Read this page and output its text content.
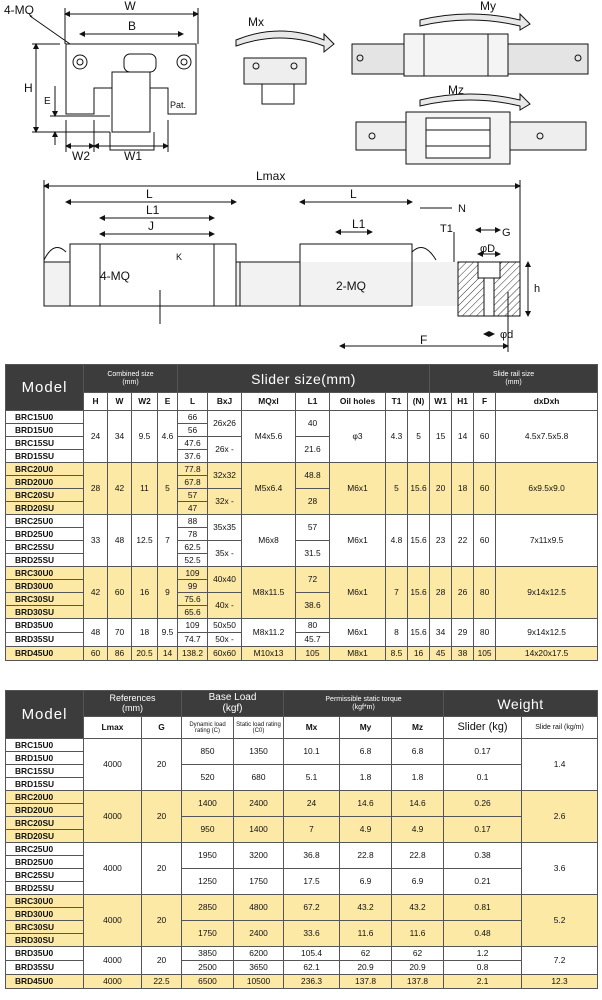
W
B
4-MQ
H
E
W2	W1
Pat.
Mx
My
Mz
Lmax
L
L1
J
4-MQ
K
L
L1
2-MQ
N
T1	G
φD
h
F	φd
Model	Combined size
(mm)				Slider size(mm)							Slide rail size
(mm)			
	H	W	W2	E	L	BxJ	MQxl	L1	Oil holes	T1	(N)	W1	H1	F	dxDxh
BRC15U0	24	34	9.5	4.6	66	26x26	M4x5.6	40	φ3	4.3	5	15	14	60	4.5x7.5x5.8
BRD15U0					56										
BRC15SU					47.6	26x -		21.6							
BRD15SU					37.6										
BRC20U0	28	42	11	5	77.8	32x32	M5x6.4	48.8	M6x1	5	15.6	20	18	60	6x9.5x9.0
BRD20U0					67.8										
BRC20SU					57	32x -		28							
BRD20SU					47										
BRC25U0	33	48	12.5	7	88	35x35	M6x8	57	M6x1	4.8	15.6	23	22	60	7x11x9.5
BRD25U0					78										
BRC25SU					62.5	35x -		31.5							
BRD25SU					52.5										
BRC30U0	42	60	16	9	109	40x40	M8x11.5	72	M6x1	7	15.6	28	26	80	9x14x12.5
BRD30U0					99										
BRC30SU					75.6	40x -		38.6							
BRD30SU					65.6										
BRD35U0	48	70	18	9.5	109	50x50	M8x11.2	80	M6x1	8	15.6	34	29	80	9x14x12.5
BRD35SU					74.7	50x -		45.7							
BRD45U0	60	86	20.5	14	138.2	60x60	M10x13	105	M8x1	8.5	16	45	38	105	14x20x17.5
Model	References
(mm)		Base Load
(kgf)		Permissible static torque
(kgf*m)			Weight	
	Lmax	G	Dynamic load rating (C)	Static load rating (C0)	Mx	My	Mz	Slider (kg)	Slide rail (kg/m)
BRC15U0	4000	20	850	1350	10.1	6.8	6.8	0.17	1.4
BRD15U0									
BRC15SU			520	680	5.1	1.8	1.8	0.1	
BRD15SU									
BRC20U0	4000	20	1400	2400	24	14.6	14.6	0.26	2.6
BRD20U0									
BRC20SU			950	1400	7	4.9	4.9	0.17	
BRD20SU									
BRC25U0	4000	20	1950	3200	36.8	22.8	22.8	0.38	3.6
BRD25U0									
BRC25SU			1250	1750	17.5	6.9	6.9	0.21	
BRD25SU									
BRC30U0	4000	20	2850	4800	67.2	43.2	43.2	0.81	5.2
BRD30U0									
BRC30SU			1750	2400	33.6	11.6	11.6	0.48	
BRD30SU									
BRD35U0	4000	20	3850	6200	105.4	62	62	1.2	7.2
BRD35SU			2500	3650	62.1	20.9	20.9	0.8	
BRD45U0	4000	22.5	6500	10500	236.3	137.8	137.8	2.1	12.3
